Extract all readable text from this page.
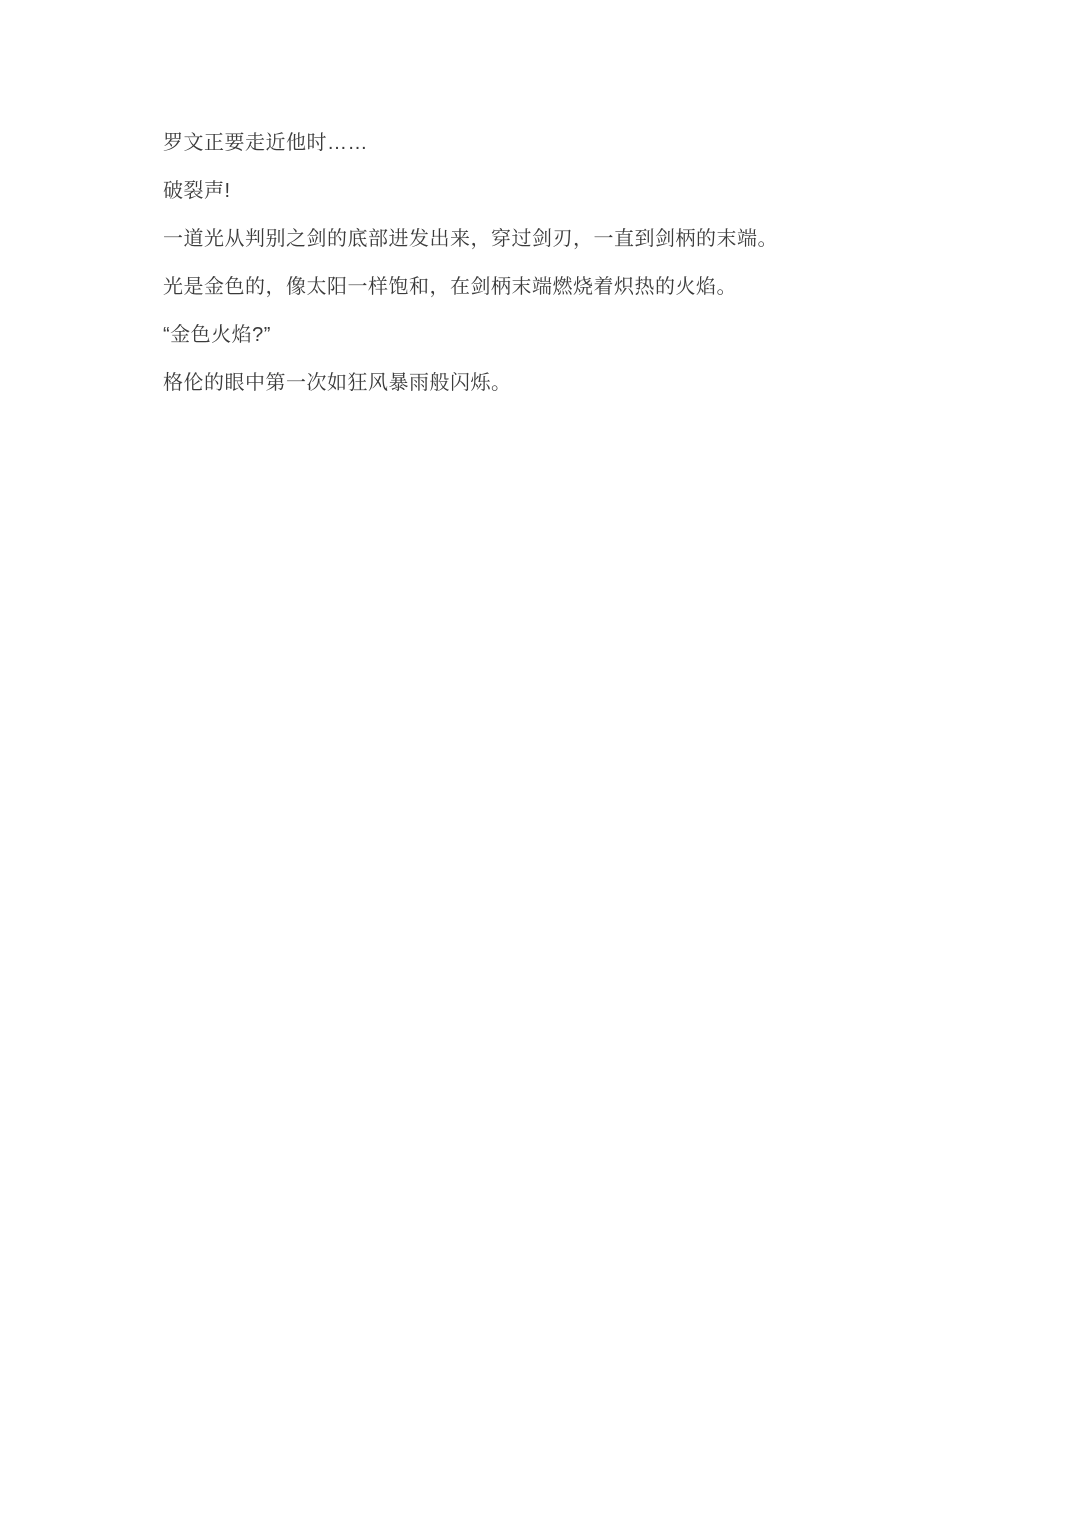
罗文正要走近他时……

破裂声!

一道光从判别之剑的底部进发出来，穿过剑刃，一直到剑柄的末端。

光是金色的，像太阳一样饱和，在剑柄末端燃烧着炽热的火焰。

“金色火焰?”

格伦的眼中第一次如狂风暴雨般闪烁。
